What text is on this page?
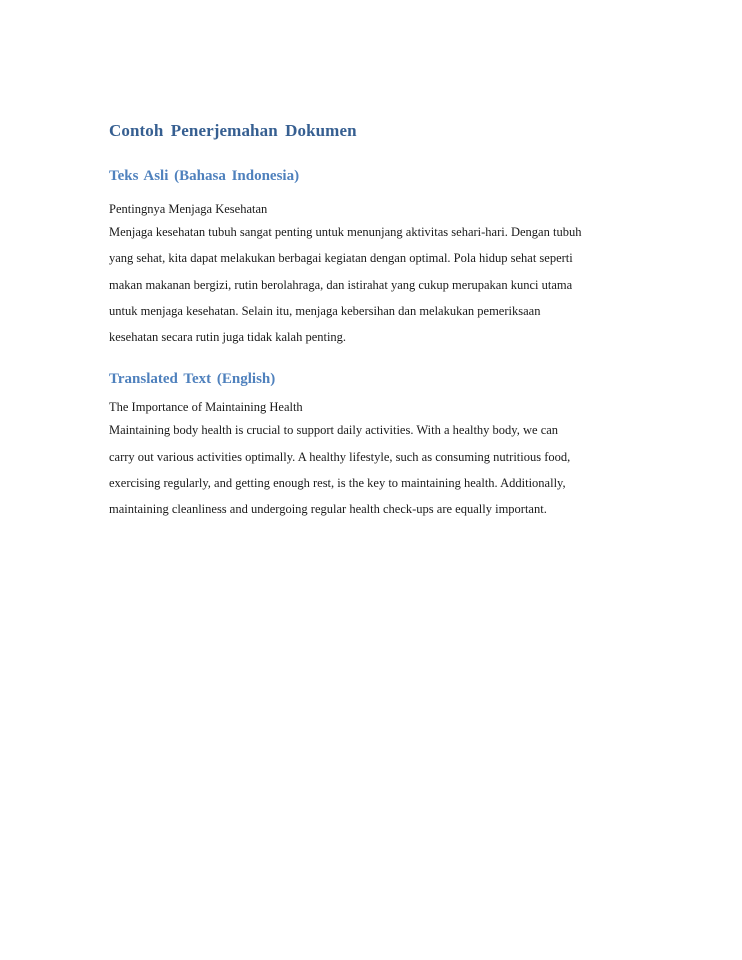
Contoh Penerjemahan Dokumen
Teks Asli (Bahasa Indonesia)

Pentingnya Menjaga Kesehatan

Menjaga kesehatan tubuh sangat penting untuk menunjang aktivitas sehari-hari. Dengan tubuh
yang sehat, kita dapat melakukan berbagai kegiatan dengan optimal. Pola hidup sehat seperti
makan makanan bergizi, rutin berolahraga, dan istirahat yang cukup merupakan kunci utama
untuk menjaga kesehatan. Selain itu, menjaga kebersihan dan melakukan pemeriksaan
kesehatan secara rutin juga tidak kalah penting.
Translated Text (English)

The Importance of Maintaining Health

Maintaining body health is crucial to support daily activities. With a healthy body, we can
carry out various activities optimally. A healthy lifestyle, such as consuming nutritious food,
exercising regularly, and getting enough rest, is the key to maintaining health. Additionally,
maintaining cleanliness and undergoing regular health check-ups are equally important.
